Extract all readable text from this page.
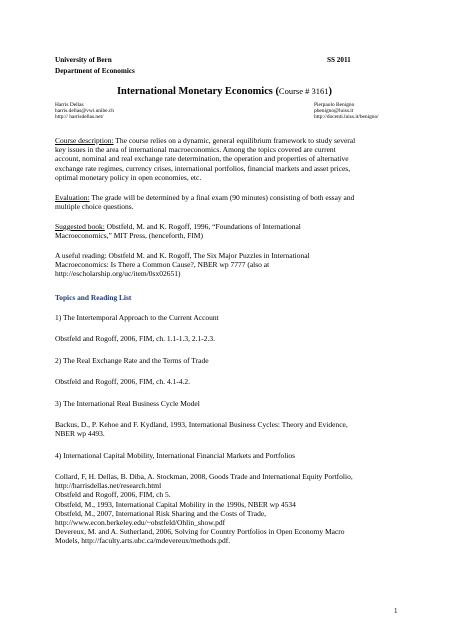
University of Bern
Department of Economics
SS 2011
International Monetary Economics (Course # 3161)
Harris Dellas
harris.dellas@vwi.unibe.ch
http:// harrisdellas.net/
Pierpaolo Benigno
pbenigno@luiss.it
http://docenti.luiss.it/benigno/
Course description: The course relies on a dynamic, general equilibrium framework to study several
key issues in the area of international macroeconomics. Among the topics covered are current
account, nominal and real exchange rate determination, the operation and properties of alternative
exchange rate regimes, currency crises, international portfolios, financial markets and asset prices,
optimal monetary policy in open economies, etc.
Evaluation: The grade will be determined by a final exam (90 minutes) consisting of both essay and
multiple choice questions.
Suggested book: Obstfeld, M. and K. Rogoff, 1996, “Foundations of International
Macroeconomics,” MIT Press, (henceforth, FIM)
A useful reading: Obstfeld M. and K. Rogoff, The Six Major Puzzles in International
Macroeconomics: Is There a Common Cause?, NBER wp 7777 (also at
http://escholarship.org/uc/item/0sx02651)
Topics and Reading List
1) The Intertemporal Approach to the Current Account
Obstfeld and Rogoff, 2006, FIM, ch. 1.1-1.3, 2.1-2.3.
2) The Real Exchange Rate and the Terms of Trade
Obstfeld and Rogoff, 2006, FIM, ch. 4.1-4.2.
3) The International Real Business Cycle Model
Backus, D., P. Kehoe and F. Kydland, 1993, International Business Cycles: Theory and Evidence,
NBER wp 4493.
4) International Capital Mobility, International Financial Markets and Portfolios
Collard, F, H. Dellas, B. Diba, A. Stockman, 2008, Goods Trade and International Equity Portfolio,
http://harrisdellas.net/research.html
Obstfeld and Rogoff, 2006, FIM, ch 5.
Obstfeld, M., 1993, International Capital Mobility in the 1990s, NBER wp 4534
Obstfeld, M., 2007, International Risk Sharing and the Costs of Trade,
http://www.econ.berkeley.edu/~obstfeld/Ohlin_show.pdf
Devereux, M. and A. Sutherland, 2006, Solving for Country Portfolios in Open Economy Macro
Models, http://faculty.arts.ubc.ca/mdevereux/methods.pdf.
1
